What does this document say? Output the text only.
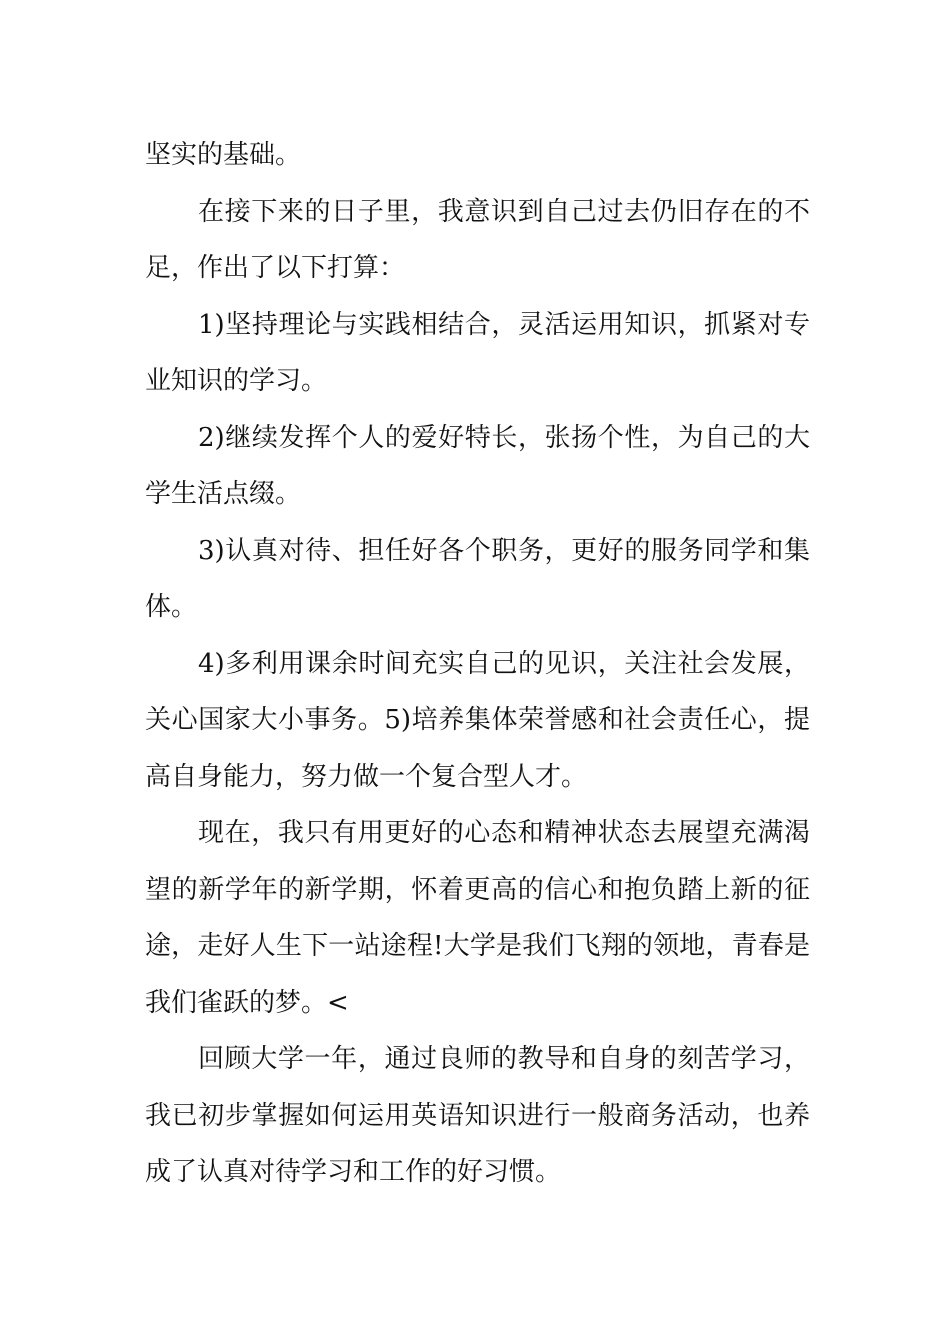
坚实的基础。

在接下来的日子里，我意识到自己过去仍旧存在的不足，作出了以下打算：

1)坚持理论与实践相结合，灵活运用知识，抓紧对专业知识的学习。

2)继续发挥个人的爱好特长，张扬个性，为自己的大学生活点缀。

3)认真对待、担任好各个职务，更好的服务同学和集体。

4)多利用课余时间充实自己的见识，关注社会发展，关心国家大小事务。5)培养集体荣誉感和社会责任心，提高自身能力，努力做一个复合型人才。

现在，我只有用更好的心态和精神状态去展望充满渴望的新学年的新学期，怀着更高的信心和抱负踏上新的征途，走好人生下一站途程!大学是我们飞翔的领地，青春是我们雀跃的梦。<

回顾大学一年，通过良师的教导和自身的刻苦学习，我已初步掌握如何运用英语知识进行一般商务活动，也养成了认真对待学习和工作的好习惯。
